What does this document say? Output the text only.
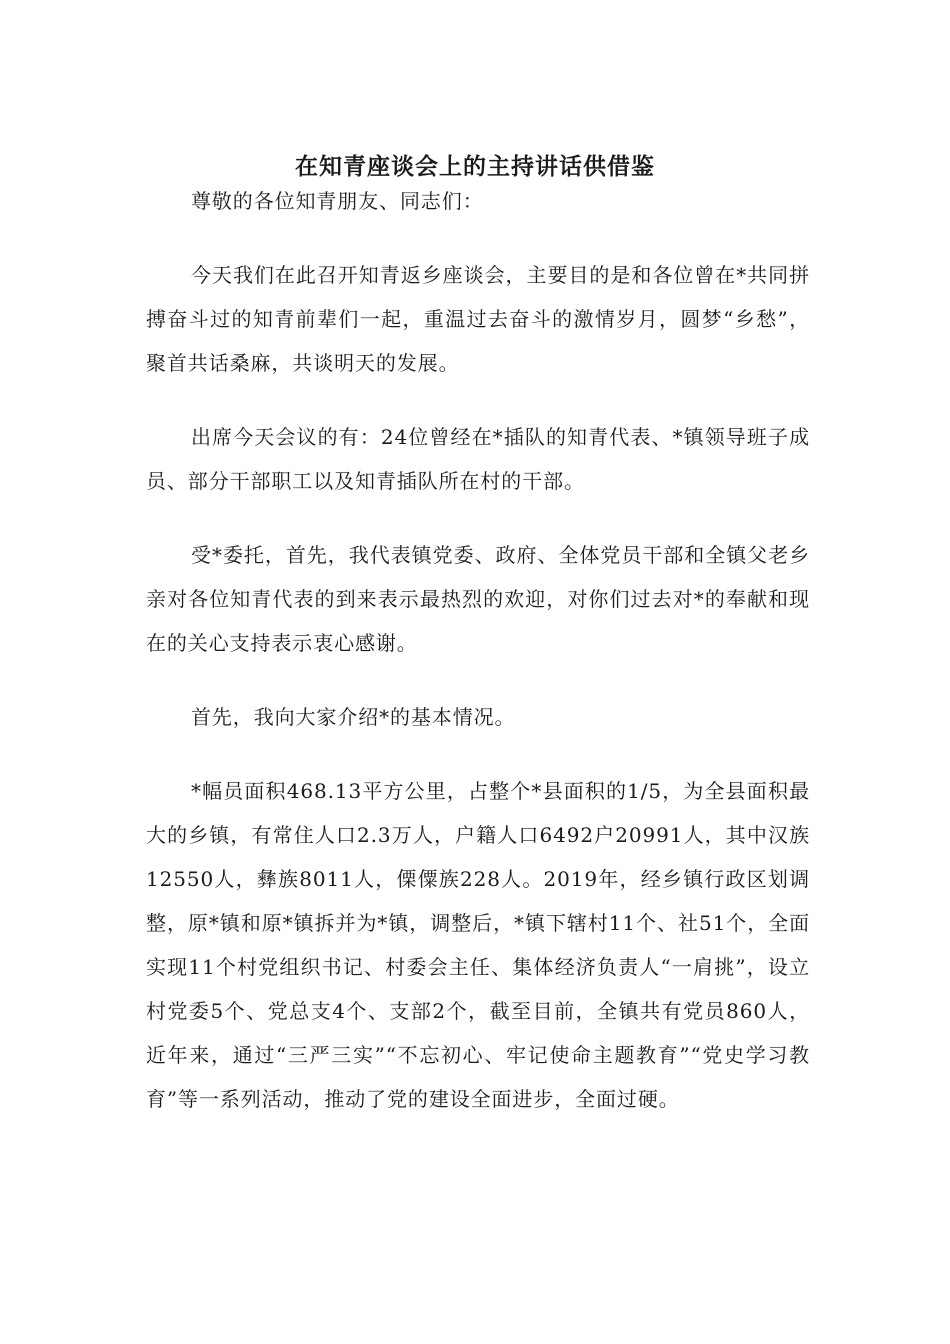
在知青座谈会上的主持讲话供借鉴

尊敬的各位知青朋友、同志们：

今天我们在此召开知青返乡座谈会，主要目的是和各位曾在*共同拼搏奋斗过的知青前辈们一起，重温过去奋斗的激情岁月，圆梦“乡愁”，聚首共话桑麻，共谈明天的发展。

出席今天会议的有：24位曾经在*插队的知青代表、*镇领导班子成员、部分干部职工以及知青插队所在村的干部。

受*委托，首先，我代表镇党委、政府、全体党员干部和全镇父老乡亲对各位知青代表的到来表示最热烈的欢迎，对你们过去对*的奉献和现在的关心支持表示衷心感谢。

首先，我向大家介绍*的基本情况。

*幅员面积468.13平方公里，占整个*县面积的1/5，为全县面积最大的乡镇，有常住人口2.3万人，户籍人口6492户20991人，其中汉族12550人，彝族8011人，傈僳族228人。2019年，经乡镇行政区划调整，原*镇和原*镇拆并为*镇，调整后，*镇下辖村11个、社51个，全面实现11个村党组织书记、村委会主任、集体经济负责人“一肩挑”，设立村党委5个、党总支4个、支部2个，截至目前，全镇共有党员860人，近年来，通过“三严三实”“不忘初心、牢记使命主题教育”“党史学习教育”等一系列活动，推动了党的建设全面进步，全面过硬。
